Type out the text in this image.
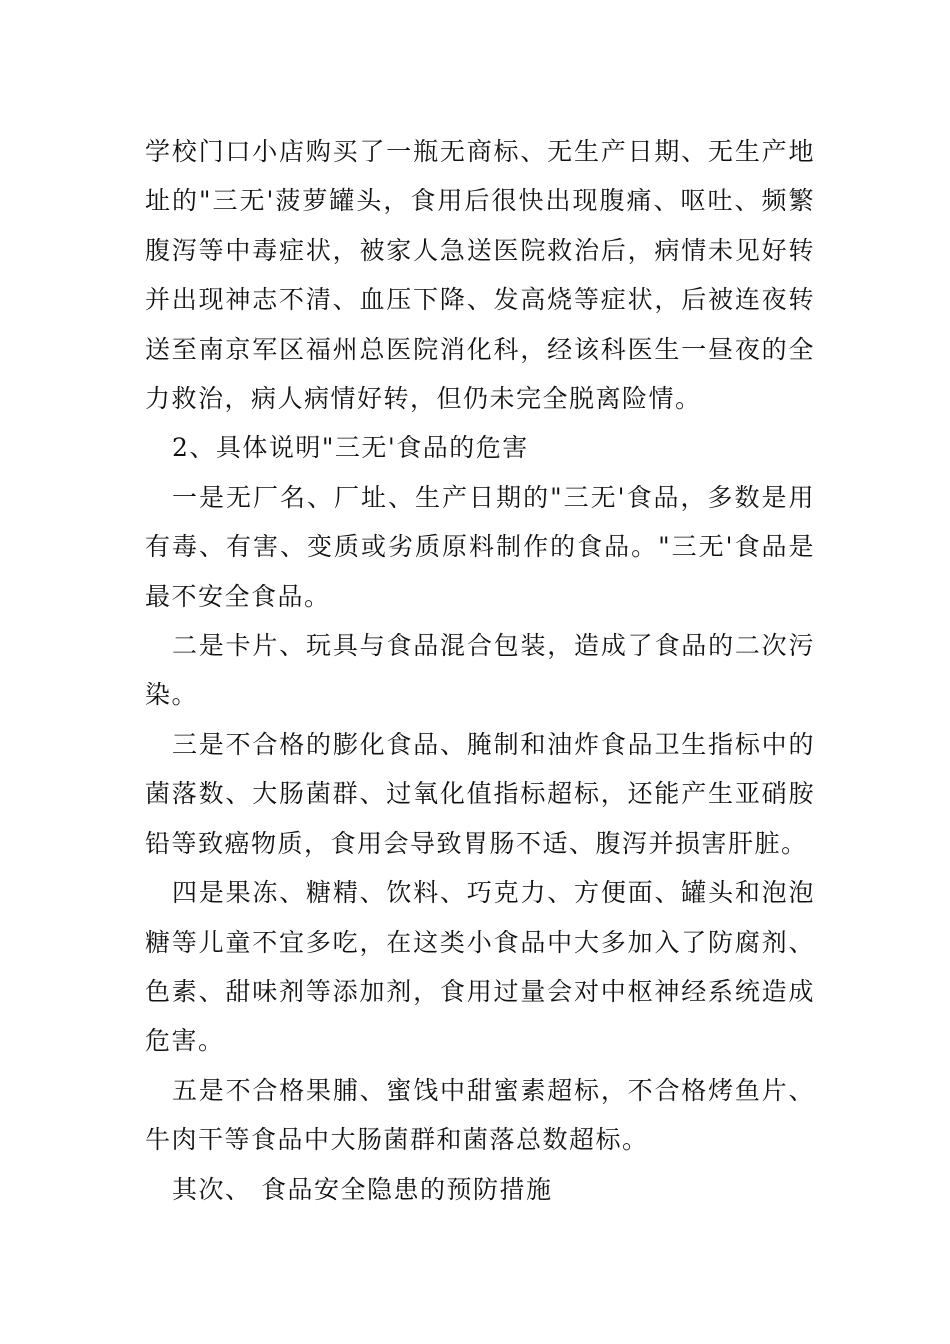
学校门口小店购买了一瓶无商标、无生产日期、无生产地址的"三无'菠萝罐头，食用后很快出现腹痛、呕吐、频繁腹泻等中毒症状，被家人急送医院救治后，病情未见好转并出现神志不清、血压下降、发高烧等症状，后被连夜转送至南京军区福州总医院消化科，经该科医生一昼夜的全力救治，病人病情好转，但仍未完全脱离险情。

2、具体说明"三无'食品的危害

一是无厂名、厂址、生产日期的"三无'食品，多数是用有毒、有害、变质或劣质原料制作的食品。"三无'食品是最不安全食品。

二是卡片、玩具与食品混合包装，造成了食品的二次污染。

三是不合格的膨化食品、腌制和油炸食品卫生指标中的菌落数、大肠菌群、过氧化值指标超标，还能产生亚硝胺铅等致癌物质，食用会导致胃肠不适、腹泻并损害肝脏。

四是果冻、糖精、饮料、巧克力、方便面、罐头和泡泡糖等儿童不宜多吃，在这类小食品中大多加入了防腐剂、色素、甜味剂等添加剂，食用过量会对中枢神经系统造成危害。

五是不合格果脯、蜜饯中甜蜜素超标，不合格烤鱼片、牛肉干等食品中大肠菌群和菌落总数超标。

其次、 食品安全隐患的预防措施
